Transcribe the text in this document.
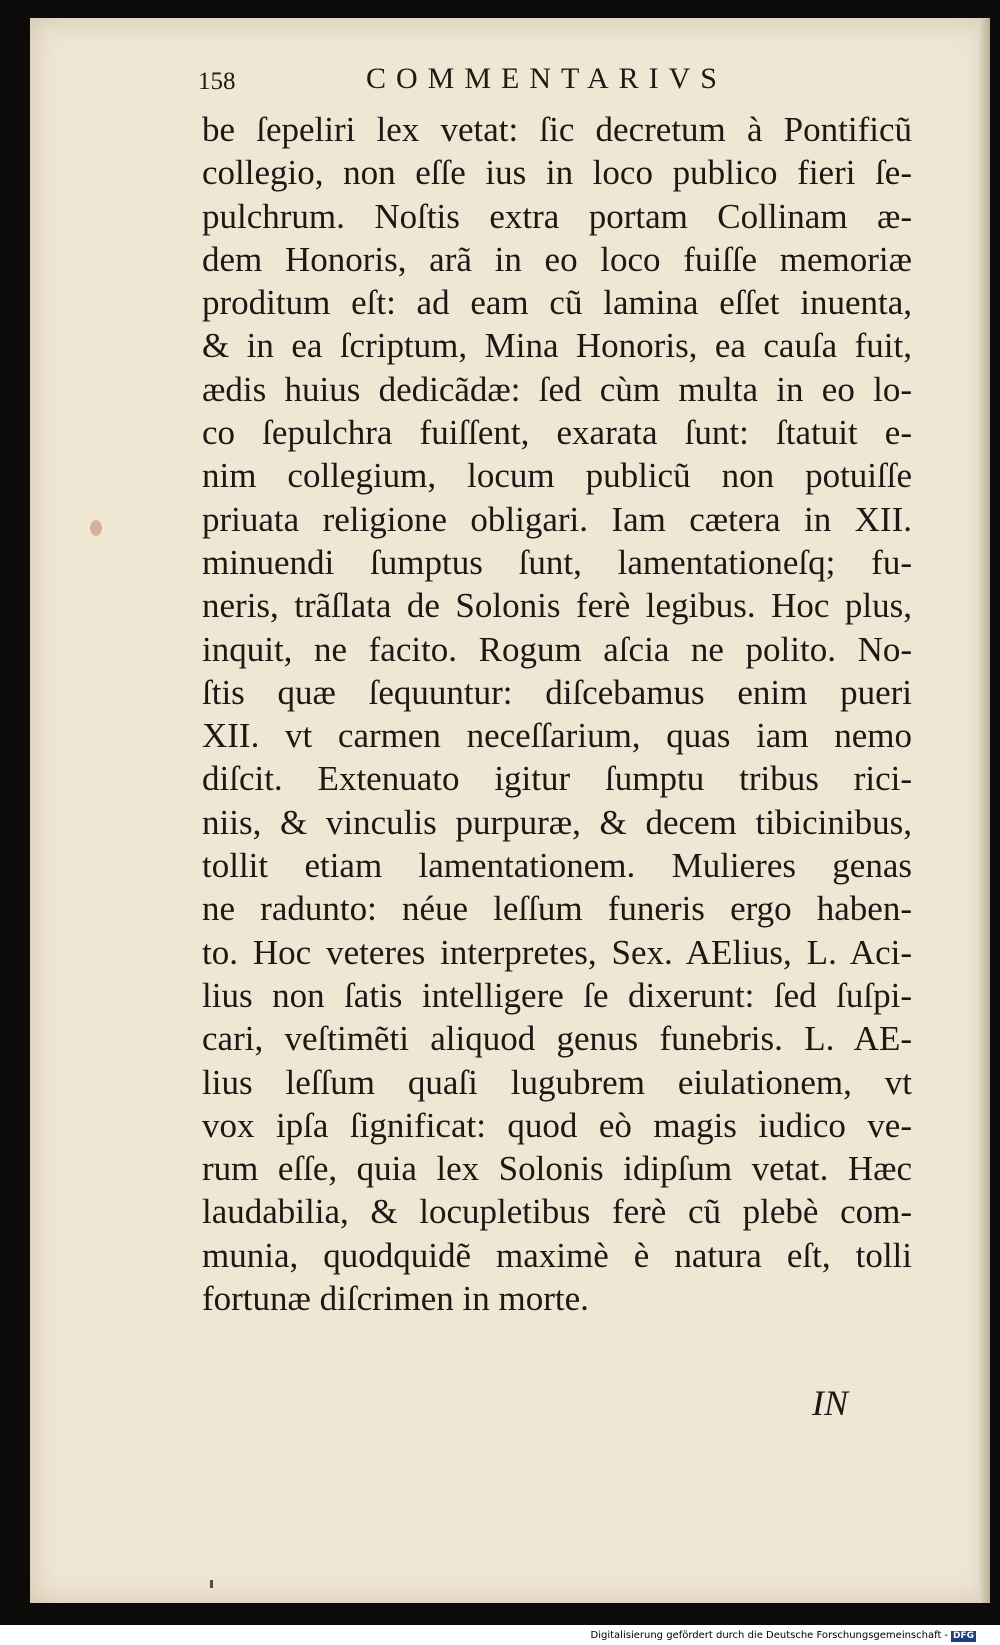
158	COMMENTARIVS
be ſepeliri lex vetat: ſic decretum à Pontificũ
collegio, non eſſe ius in loco publico fieri ſe-
pulchrum. Noſtis extra portam Collinam æ-
dem Honoris, arã in eo loco fuiſſe memoriæ
proditum eſt: ad eam cũ lamina eſſet inuenta,
& in ea ſcriptum, Mina Honoris, ea cauſa fuit,
ædis huius dedicãdæ: ſed cùm multa in eo lo-
co ſepulchra fuiſſent, exarata ſunt: ſtatuit e-
nim collegium, locum publicũ non potuiſſe
priuata religione obligari. Iam cætera in XII.
minuendi ſumptus ſunt, lamentationeſq; fu-
neris, trãſlata de Solonis ferè legibus. Hoc plus,
inquit, ne facito. Rogum aſcia ne polito. No-
ſtis quæ ſequuntur: diſcebamus enim pueri
XII. vt carmen neceſſarium, quas iam nemo
diſcit. Extenuato igitur ſumptu tribus rici-
niis, & vinculis purpuræ, & decem tibicinibus,
tollit etiam lamentationem. Mulieres genas
ne radunto: néue leſſum funeris ergo haben-
to. Hoc veteres interpretes, Sex. AElius, L. Aci-
lius non ſatis intelligere ſe dixerunt: ſed ſuſpi-
cari, veſtimẽti aliquod genus funebris. L. AE-
lius leſſum quaſi lugubrem eiulationem, vt
vox ipſa ſignificat: quod eò magis iudico ve-
rum eſſe, quia lex Solonis idipſum vetat. Hæc
laudabilia, & locupletibus ferè cũ plebè com-
munia, quodquidẽ maximè è natura eſt, tolli
fortunæ diſcrimen in morte.
IN
Digitalisierung gefördert durch die Deutsche Forschungsgemeinschaft - DFG
